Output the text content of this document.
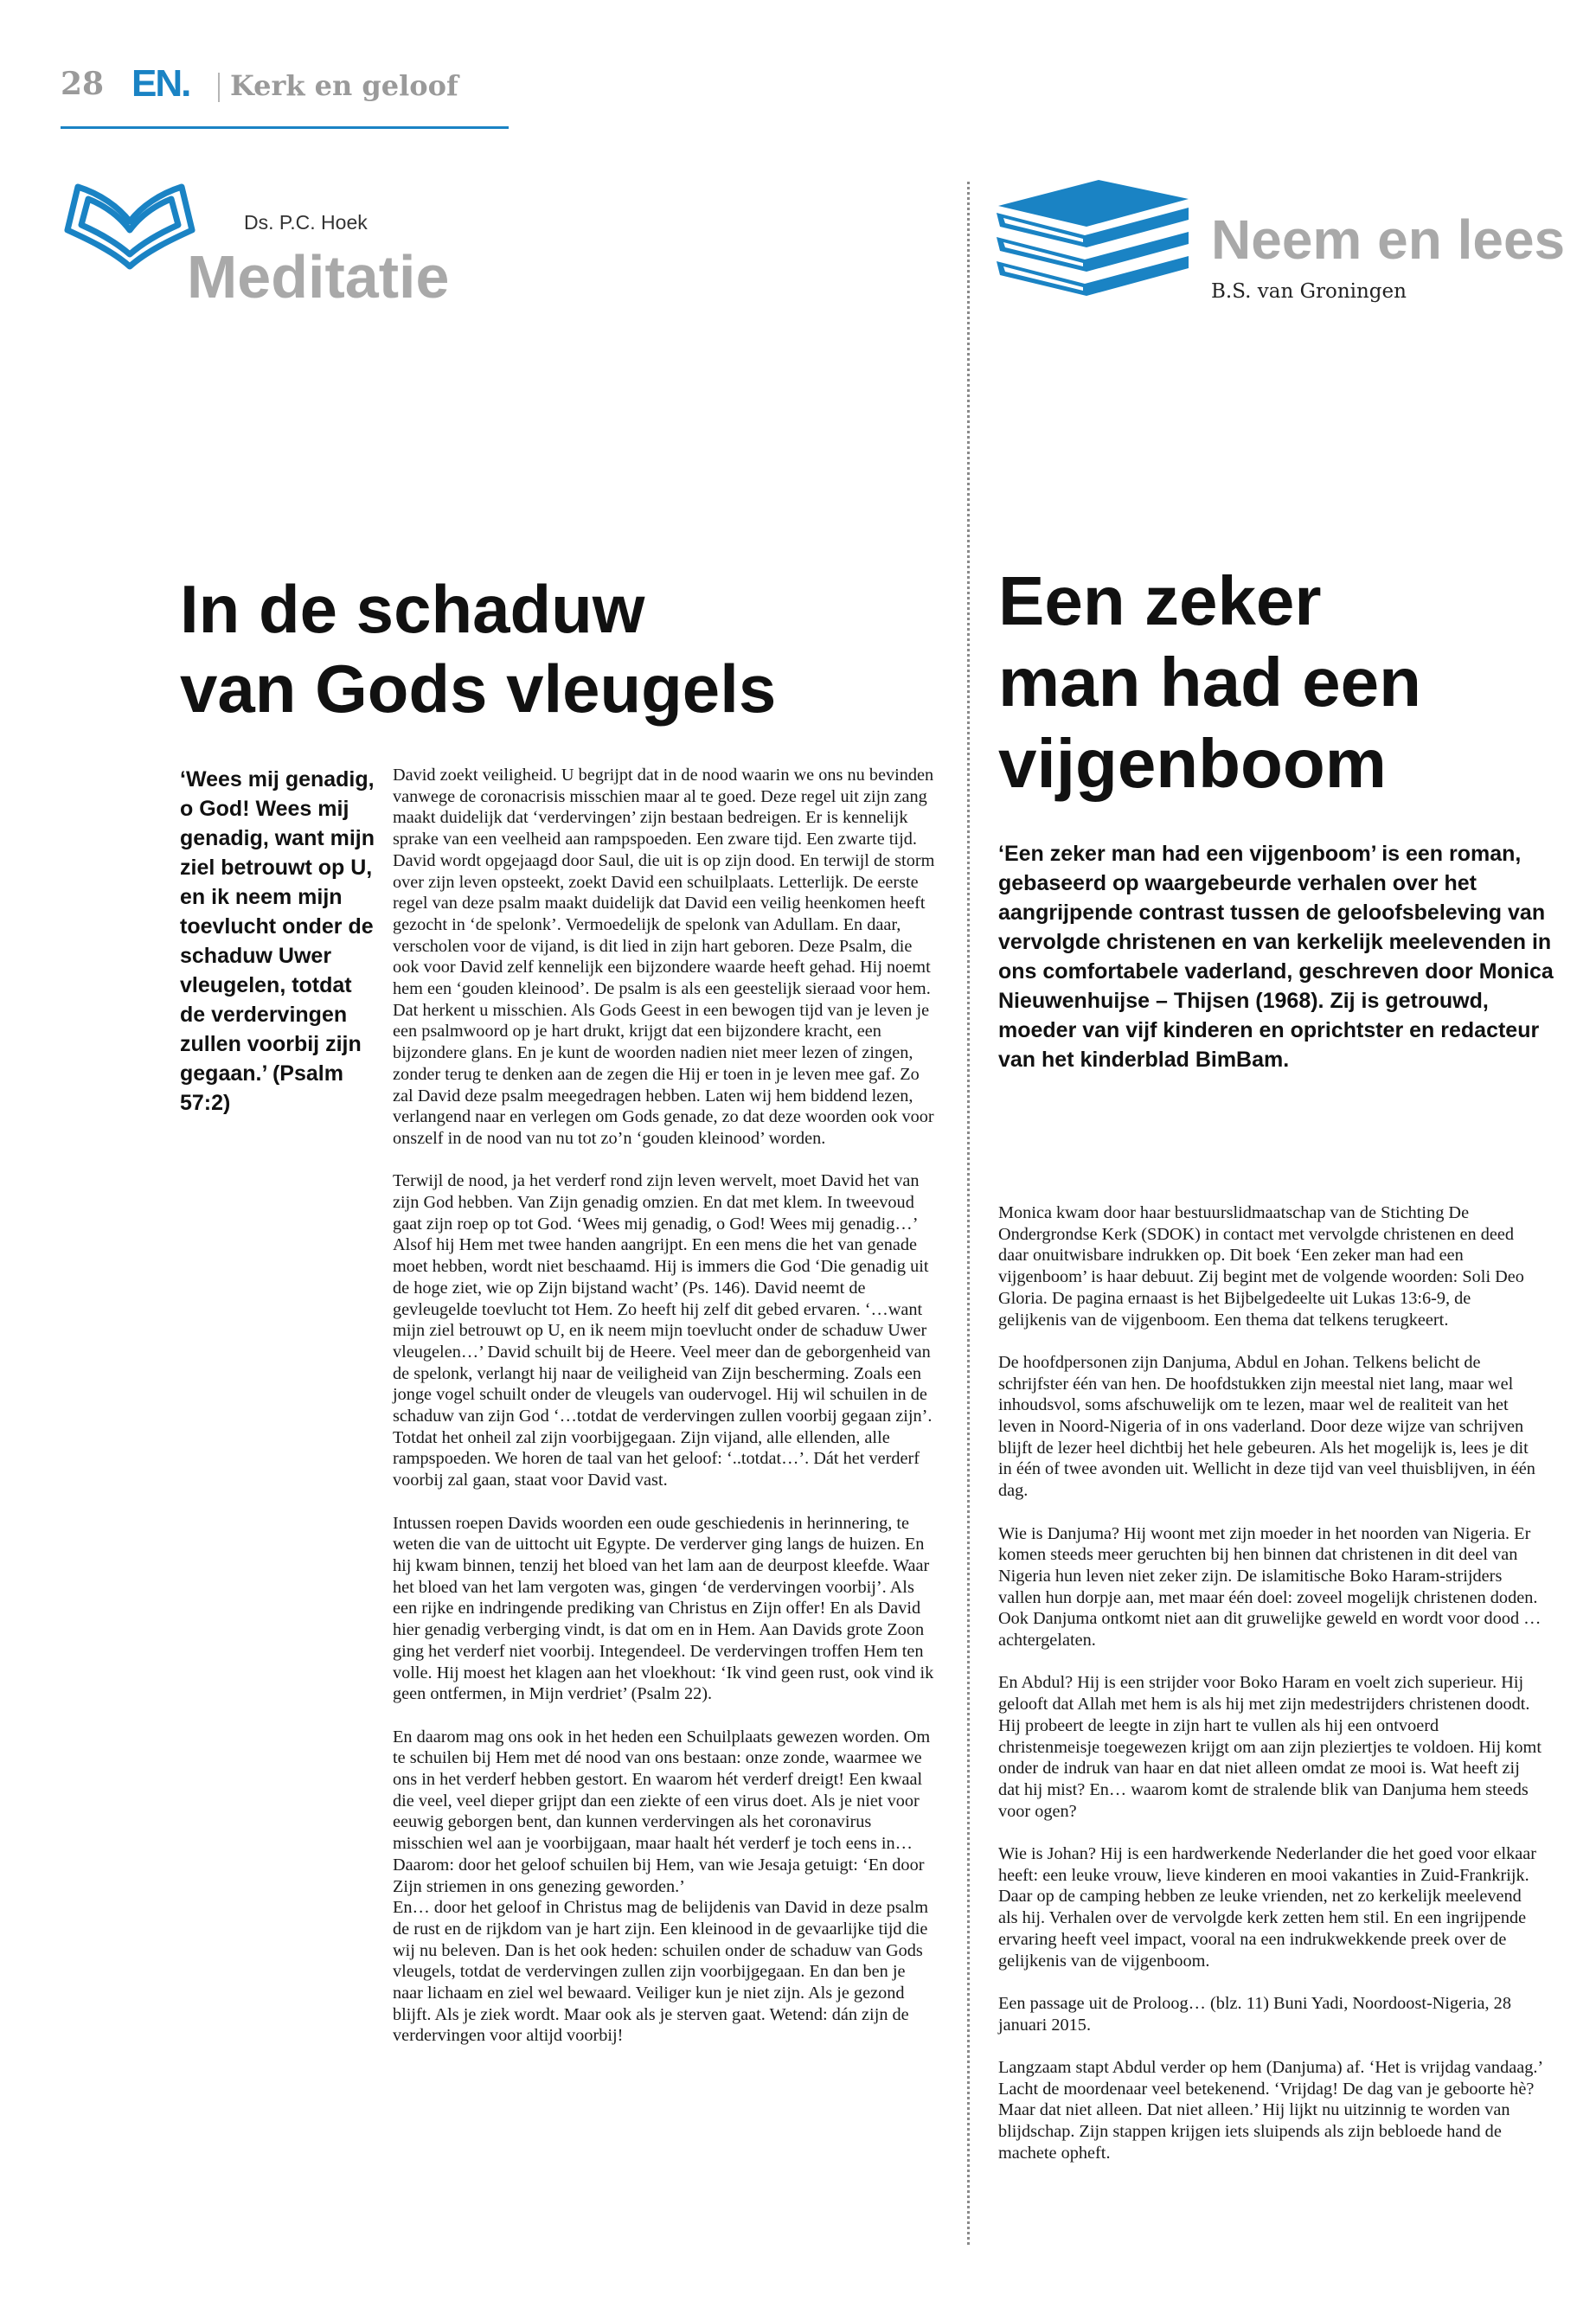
28 EN. Kerk en geloof
Ds. P.C. Hoek
Meditatie
In de schaduw
van Gods vleugels
‘Wees mij genadig, o God! Wees mij genadig, want mijn ziel betrouwt op U, en ik neem mijn toevlucht onder de schaduw Uwer vleugelen, totdat de verdervingen zullen voorbij zijn gegaan.’ (Psalm 57:2)

David zoekt veiligheid. U begrijpt dat in de nood waarin we ons nu bevinden vanwege de coronacrisis misschien maar al te goed. Deze regel uit zijn zang maakt duidelijk dat ‘verdervingen’ zijn bestaan bedreigen. Er is kennelijk sprake van een veelheid aan rampspoeden. Een zware tijd. Een zwarte tijd. David wordt opgejaagd door Saul, die uit is op zijn dood. En terwijl de storm over zijn leven opsteekt, zoekt David een schuilplaats. Letterlijk. De eerste regel van deze psalm maakt duidelijk dat David een veilig heenkomen heeft gezocht in ‘de spelonk’. Vermoedelijk de spelonk van Adullam. En daar, verscholen voor de vijand, is dit lied in zijn hart geboren. Deze Psalm, die ook voor David zelf kennelijk een bijzondere waarde heeft gehad. Hij noemt hem een ‘gouden kleinood’. De psalm is als een geestelijk sieraad voor hem. Dat herkent u misschien. Als Gods Geest in een bewogen tijd van je leven je een psalmwoord op je hart drukt, krijgt dat een bijzondere kracht, een bijzondere glans. En je kunt de woorden nadien niet meer lezen of zingen, zonder terug te denken aan de zegen die Hij er toen in je leven mee gaf. Zo zal David deze psalm meegedragen hebben. Laten wij hem biddend lezen, verlangend naar en verlegen om Gods genade, zo dat deze woorden ook voor onszelf in de nood van nu tot zo’n ‘gouden kleinood’ worden.

Terwijl de nood, ja het verderf rond zijn leven wervelt, moet David het van zijn God hebben. Van Zijn genadig omzien. En dat met klem. In tweevoud gaat zijn roep op tot God. ‘Wees mij genadig, o God! Wees mij genadig…’ Alsof hij Hem met twee handen aangrijpt. En een mens die het van genade moet hebben, wordt niet beschaamd. Hij is immers die God ‘Die genadig uit de hoge ziet, wie op Zijn bijstand wacht’ (Ps. 146). David neemt de gevleugelde toevlucht tot Hem. Zo heeft hij zelf dit gebed ervaren. ‘…want mijn ziel betrouwt op U, en ik neem mijn toevlucht onder de schaduw Uwer vleugelen…’ David schuilt bij de Heere. Veel meer dan de geborgenheid van de spelonk, verlangt hij naar de veiligheid van Zijn bescherming. Zoals een jonge vogel schuilt onder de vleugels van oudervogel. Hij wil schuilen in de schaduw van zijn God ‘…totdat de verdervingen zullen voorbij gegaan zijn’. Totdat het onheil zal zijn voorbijgegaan. Zijn vijand, alle ellenden, alle rampspoeden. We horen de taal van het geloof: ‘..totdat…’. Dát het verderf voorbij zal gaan, staat voor David vast.

Intussen roepen Davids woorden een oude geschiedenis in herinnering, te weten die van de uittocht uit Egypte. De verderver ging langs de huizen. En hij kwam binnen, tenzij het bloed van het lam aan de deurpost kleefde. Waar het bloed van het lam vergoten was, gingen ‘de verdervingen voorbij’. Als een rijke en indringende prediking van Christus en Zijn offer! En als David hier genadig verberging vindt, is dat om en in Hem. Aan Davids grote Zoon ging het verderf niet voorbij. Integendeel. De verdervingen troffen Hem ten volle. Hij moest het klagen aan het vloekhout: ‘Ik vind geen rust, ook vind ik geen ontfermen, in Mijn verdriet’ (Psalm 22).

En daarom mag ons ook in het heden een Schuilplaats gewezen worden. Om te schuilen bij Hem met dé nood van ons bestaan: onze zonde, waarmee we ons in het verderf hebben gestort. En waarom hét verderf dreigt! Een kwaal die veel, veel dieper grijpt dan een ziekte of een virus doet. Als je niet voor eeuwig geborgen bent, dan kunnen verdervingen als het coronavirus misschien wel aan je voorbijgaan, maar haalt hét verderf je toch eens in… Daarom: door het geloof schuilen bij Hem, van wie Jesaja getuigt: ‘En door Zijn striemen in ons genezing geworden.’

En… door het geloof in Christus mag de belijdenis van David in deze psalm de rust en de rijkdom van je hart zijn. Een kleinood in de gevaarlijke tijd die wij nu beleven. Dan is het ook heden: schuilen onder de schaduw van Gods vleugels, totdat de verdervingen zullen zijn voorbijgegaan. En dan ben je naar lichaam en ziel wel bewaard. Veiliger kun je niet zijn. Als je gezond blijft. Als je ziek wordt. Maar ook als je sterven gaat. Wetend: dán zijn de verdervingen voor altijd voorbij!

Neem en lees
B.S. van Groningen
Een zeker
man had een
vijgenboom
‘Een zeker man had een vijgenboom’ is een roman, gebaseerd op waargebeurde verhalen over het aangrijpende contrast tussen de geloofsbeleving van vervolgde christenen en van kerkelijk meelevenden in ons comfortabele vaderland, geschreven door Monica Nieuwenhuijse – Thijsen (1968). Zij is getrouwd, moeder van vijf kinderen en oprichtster en redacteur van het kinderblad BimBam.

Monica kwam door haar bestuurslidmaatschap van de Stichting De Ondergrondse Kerk (SDOK) in contact met vervolgde christenen en deed daar onuitwisbare indrukken op. Dit boek ‘Een zeker man had een vijgenboom’ is haar debuut. Zij begint met de volgende woorden: Soli Deo Gloria. De pagina ernaast is het Bijbelgedeelte uit Lukas 13:6-9, de gelijkenis van de vijgenboom. Een thema dat telkens terugkeert.

De hoofdpersonen zijn Danjuma, Abdul en Johan. Telkens belicht de schrijfster één van hen. De hoofdstukken zijn meestal niet lang, maar wel inhoudsvol, soms afschuwelijk om te lezen, maar wel de realiteit van het leven in Noord-Nigeria of in ons vaderland. Door deze wijze van schrijven blijft de lezer heel dichtbij het hele gebeuren. Als het mogelijk is, lees je dit in één of twee avonden uit. Wellicht in deze tijd van veel thuisblijven, in één dag.

Wie is Danjuma? Hij woont met zijn moeder in het noorden van Nigeria. Er komen steeds meer geruchten bij hen binnen dat christenen in dit deel van Nigeria hun leven niet zeker zijn. De islamitische Boko Haram-strijders vallen hun dorpje aan, met maar één doel: zoveel mogelijk christenen doden. Ook Danjuma ontkomt niet aan dit gruwelijke geweld en wordt voor dood … achtergelaten.

En Abdul? Hij is een strijder voor Boko Haram en voelt zich superieur. Hij gelooft dat Allah met hem is als hij met zijn medestrijders christenen doodt. Hij probeert de leegte in zijn hart te vullen als hij een ontvoerd christenmeisje toegewezen krijgt om aan zijn pleziertjes te voldoen. Hij komt onder de indruk van haar en dat niet alleen omdat ze mooi is. Wat heeft zij dat hij mist? En… waarom komt de stralende blik van Danjuma hem steeds voor ogen?

Wie is Johan? Hij is een hardwerkende Nederlander die het goed voor elkaar heeft: een leuke vrouw, lieve kinderen en mooi vakanties in Zuid-Frankrijk. Daar op de camping hebben ze leuke vrienden, net zo kerkelijk meelevend als hij. Verhalen over de vervolgde kerk zetten hem stil. En een ingrijpende ervaring heeft veel impact, vooral na een indrukwekkende preek over de gelijkenis van de vijgenboom.

Een passage uit de Proloog… (blz. 11) Buni Yadi, Noordoost-Nigeria, 28 januari 2015.

Langzaam stapt Abdul verder op hem (Danjuma) af. ‘Het is vrijdag vandaag.’ Lacht de moordenaar veel betekenend. ‘Vrijdag! De dag van je geboorte hè? Maar dat niet alleen. Dat niet alleen.’ Hij lijkt nu uitzinnig te worden van blijdschap. Zijn stappen krijgen iets sluipends als zijn bebloede hand de machete opheft.
